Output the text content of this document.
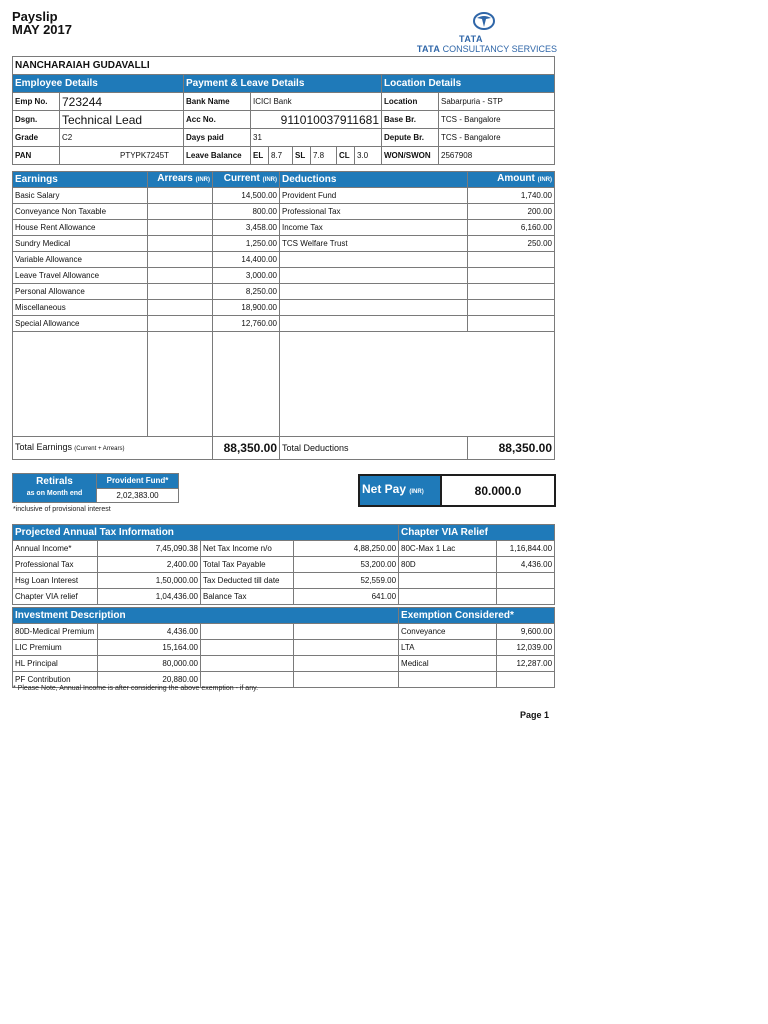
Payslip
MAY 2017
TATA
TATA CONSULTANCY SERVICES
NANCHARAIAH GUDAVALLI										
Employee Details		Payment & Leave Details							Location Details	
Emp No.	723244	Bank Name	ICICI Bank						Location	Sabarpuria - STP
Dsgn.	Technical Lead	Acc No.	911010037911681						Base Br.	TCS - Bangalore
Grade	C2	Days paid	31						Depute Br.	TCS - Bangalore
PAN	PTYPK7245T	Leave Balance	EL	8.7	SL	7.8	CL	3.0	WON/SWON	2567908
Earnings	Arrears (INR)	Current (INR)	Deductions	Amount (INR)
Basic Salary		14,500.00	Provident Fund	1,740.00
Conveyance Non Taxable		800.00	Professional Tax	200.00
House Rent Allowance		3,458.00	Income Tax	6,160.00
Sundry Medical		1,250.00	TCS Welfare Trust	250.00
Variable Allowance		14,400.00		
Leave Travel Allowance		3,000.00		
Personal Allowance		8,250.00		
Miscellaneous		18,900.00		
Special Allowance		12,760.00		

Total Earnings (Current + Arrears)		88,350.00	Total Deductions	88,350.00
Retirals
as on Month end
	Provident Fund*
2,02,383.00
*inclusive of provisional interest
Net Pay (INR)	80.000.0
Projected Annual Tax Information				Chapter VIA Relief	
Annual Income*	7,45,090.38	Net Tax Income n/o	4,88,250.00	80C-Max 1 Lac	1,16,844.00
Professional Tax	2,400.00	Total Tax Payable	53,200.00	80D	4,436.00
Hsg Loan Interest	1,50,000.00	Tax Deducted till date	52,559.00		
Chapter VIA relief	1,04,436.00	Balance Tax	641.00		
Investment Description				Exemption Considered*	
80D-Medical Premium	4,436.00			Conveyance	9,600.00
LIC Premium	15,164.00			LTA	12,039.00
HL Principal	80,000.00			Medical	12,287.00
PF Contribution	20,880.00				
* Please Note, Annual Income is after considering the above exemption - if any.
Page 1
